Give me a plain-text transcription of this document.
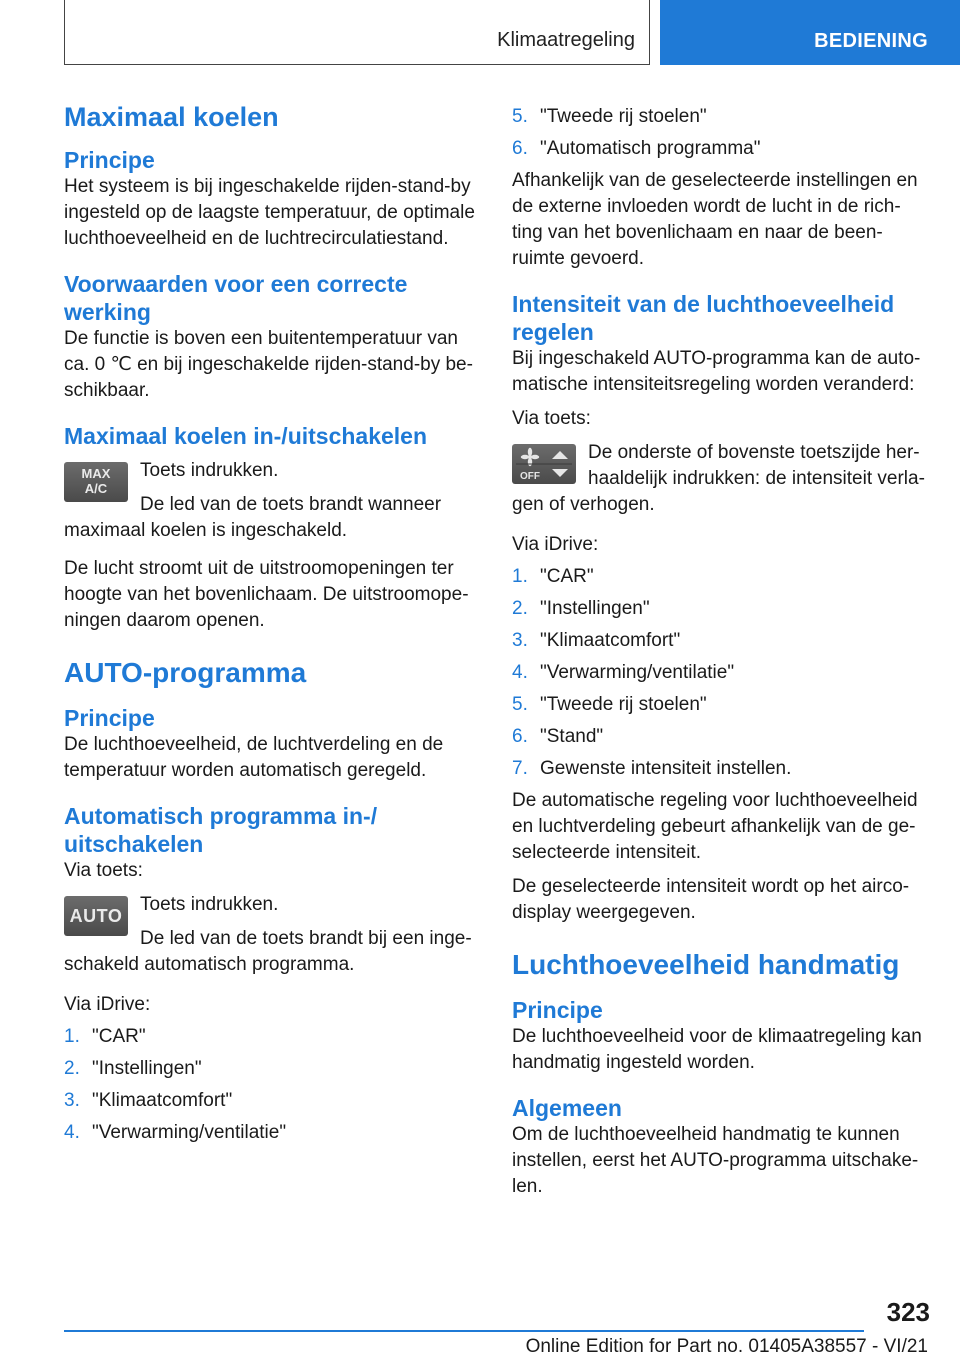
Klimaatregeling	BEDIENING
Maximaal koelen
Principe

Het systeem is bij ingeschakelde rijden-stand-by ingesteld op de laagste temperatuur, de optimale luchthoeveelheid en de luchtrecirculatiestand.

Voorwaarden voor een correcte werking

De functie is boven een buitentemperatuur van ca. 0 ℃ en bij ingeschakelde rijden-stand-by be-schikbaar.

Maximaal koelen in-/uitschakelen
MAX
A/C

Toets indrukken.

De led van de toets brandt wanneer maximaal koelen is ingeschakeld.

De lucht stroomt uit de uitstroomopeningen ter hoogte van het bovenlichaam. De uitstroomope-ningen daarom openen.

AUTO-programma
Principe

De luchthoeveelheid, de luchtverdeling en de temperatuur worden automatisch geregeld.

Automatisch programma in-/ uitschakelen

Via toets:

AUTO

Toets indrukken.

De led van de toets brandt bij een inge-schakeld automatisch programma.

Via iDrive:

1. "CAR"
2. "Instellingen"
3. "Klimaatcomfort"
4. "Verwarming/ventilatie"
5. "Tweede rij stoelen"
6. "Automatisch programma"

Afhankelijk van de geselecteerde instellingen en de externe invloeden wordt de lucht in de rich-ting van het bovenlichaam en naar de been-ruimte gevoerd.

Intensiteit van de luchthoeveelheid regelen

Bij ingeschakeld AUTO-programma kan de auto-matische intensiteitsregeling worden veranderd:

Via toets:

OFF

De onderste of bovenste toetszijde her-haaldelijk indrukken: de intensiteit verla-gen of verhogen.

Via iDrive:

1. "CAR"
2. "Instellingen"
3. "Klimaatcomfort"
4. "Verwarming/ventilatie"
5. "Tweede rij stoelen"
6. "Stand"
7. Gewenste intensiteit instellen.

De automatische regeling voor luchthoeveelheid en luchtverdeling gebeurt afhankelijk van de ge-selecteerde intensiteit.

De geselecteerde intensiteit wordt op het airco-display weergegeven.

Luchthoeveelheid handmatig
Principe

De luchthoeveelheid voor de klimaatregeling kan handmatig ingesteld worden.

Algemeen

Om de luchthoeveelheid handmatig te kunnen instellen, eerst het AUTO-programma uitschake-len.

323
Online Edition for Part no. 01405A38557 - VI/21
